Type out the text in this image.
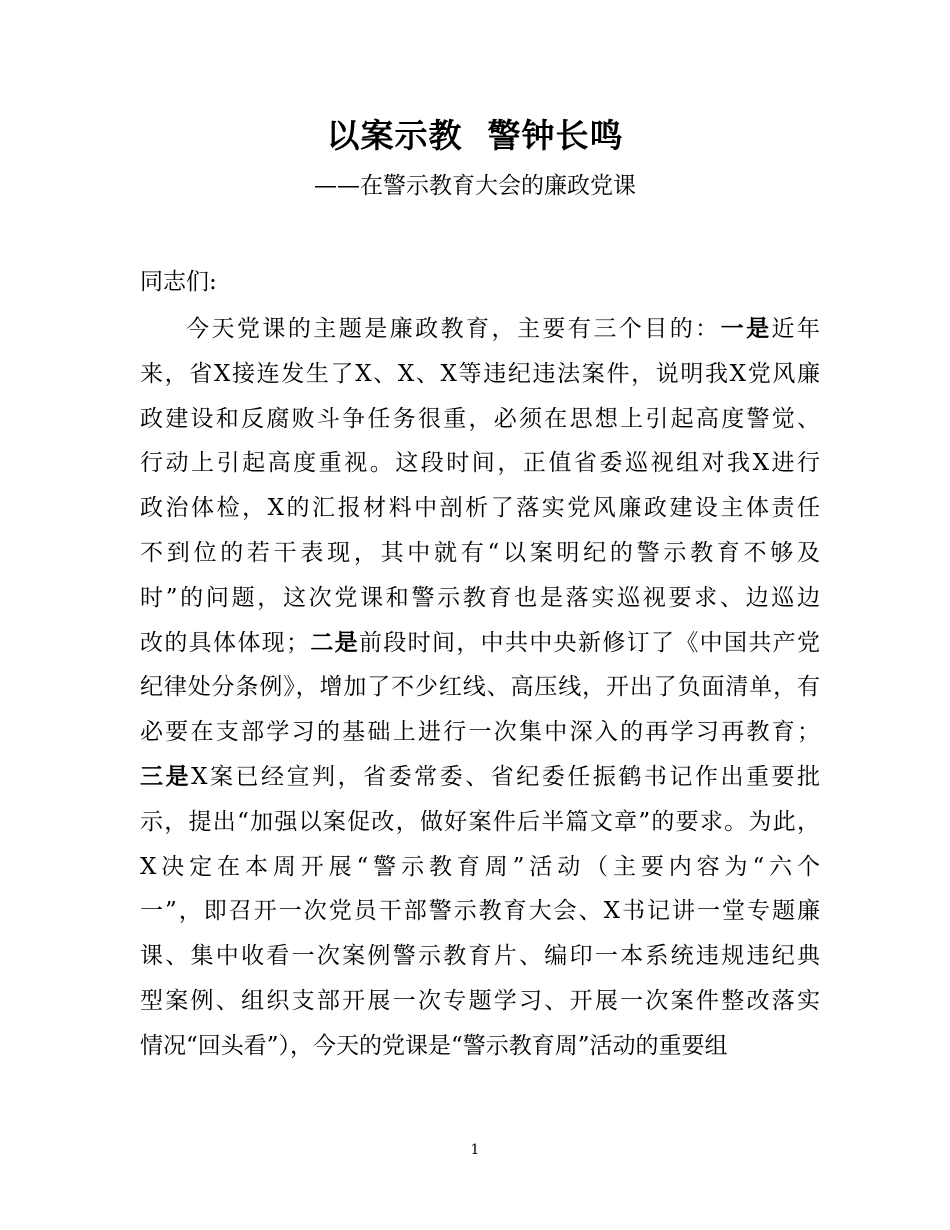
以案示教  警钟长鸣
——在警示教育大会的廉政党课
同志们:
今天党课的主题是廉政教育，主要有三个目的：一是近年
来，省X接连发生了X、X、X等违纪违法案件，说明我X党风廉
政建设和反腐败斗争任务很重，必须在思想上引起高度警觉、
行动上引起高度重视。这段时间，正值省委巡视组对我X进行
政治体检，X的汇报材料中剖析了落实党风廉政建设主体责任
不到位的若干表现，其中就有“以案明纪的警示教育不够及
时”的问题，这次党课和警示教育也是落实巡视要求、边巡边
改的具体体现；二是前段时间，中共中央新修订了《中国共产党
纪律处分条例》，增加了不少红线、高压线，开出了负面清单，有
必要在支部学习的基础上进行一次集中深入的再学习再教育；
三是X案已经宣判，省委常委、省纪委任振鹤书记作出重要批
示，提出“加强以案促改，做好案件后半篇文章”的要求。为此，
X决定在本周开展“警示教育周”活动（主要内容为“六个
一”，即召开一次党员干部警示教育大会、X书记讲一堂专题廉
课、集中收看一次案例警示教育片、编印一本系统违规违纪典
型案例、组织支部开展一次专题学习、开展一次案件整改落实
情况“回头看”），今天的党课是“警示教育周”活动的重要组
1
